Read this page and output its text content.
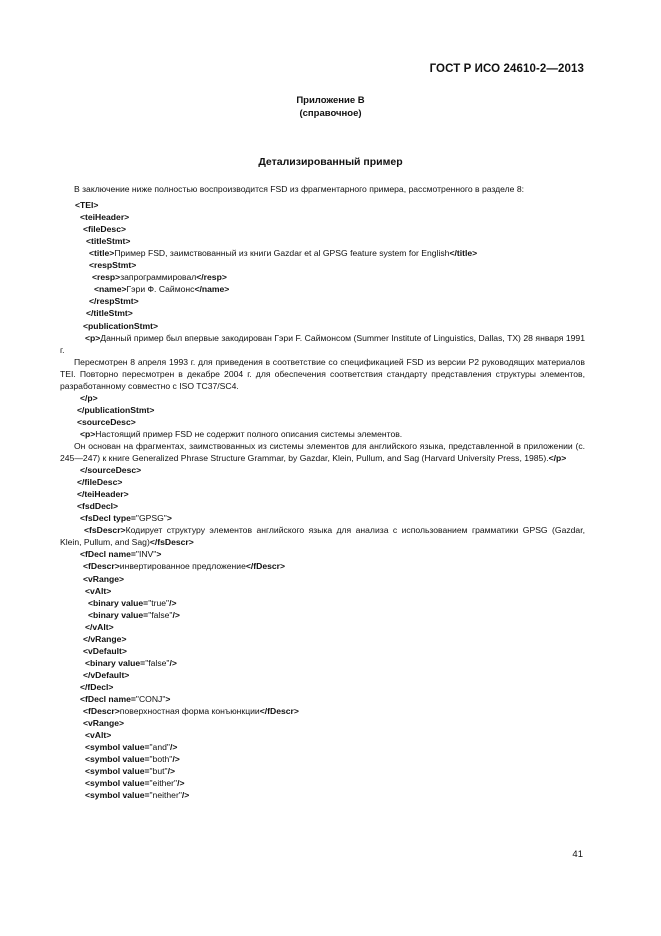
ГОСТ Р ИСО 24610-2—2013
Приложение В
(справочное)
Детализированный пример
В заключение ниже полностью воспроизводится FSD из фрагментарного примера, рассмотренного в разделе 8:
<TEI>
<teiHeader>
<fileDesc>
<titleStmt>
<title>Пример FSD, заимствованный из книги Gazdar et al GPSG feature system for English</title>
<respStmt>
<resp>запрограммировал</resp>
<name>Гэри Ф. Саймонс</name>
</respStmt>
</titleStmt>
<publicationStmt>
<p>Данный пример был впервые закодирован Гэри F. Саймонсом (Summer Institute of Linguistics, Dallas, TX) 28 января 1991 г.
Пересмотрен 8 апреля 1993 г. для приведения в соответствие со спецификацией FSD из версии P2 руководящих материалов TEI. Повторно пересмотрен в декабре 2004 г. для обеспечения соответствия стандарту представления структуры элементов, разработанному совместно с ISO TC37/SC4.
</p>
</publicationStmt>
<sourceDesc>
<p>Настоящий пример FSD не содержит полного описания системы элементов.
Он основан на фрагментах, заимствованных из системы элементов для английского языка, представленной в приложении (с. 245—247) к книге Generalized Phrase Structure Grammar, by Gazdar, Klein, Pullum, and Sag (Harvard University Press, 1985).</p>
</sourceDesc>
</fileDesc>
</teiHeader>
<fsdDecl>
<fsDecl type="GPSG">
<fsDescr>Кодирует структуру элементов английского языка для анализа с использованием грамматики GPSG (Gazdar, Klein, Pullum, and Sag)</fsDescr>
<fDecl name="INV">
<fDescr>инвертированное предложение</fDescr>
<vRange>
<vAlt>
<binary value="true"/>
<binary value="false"/>
</vAlt>
</vRange>
<vDefault>
<binary value="false"/>
</vDefault>
</fDecl>
<fDecl name="CONJ">
<fDescr>поверхностная форма конъюнкции</fDescr>
<vRange>
<vAlt>
<symbol value="and"/>
<symbol value="both"/>
<symbol value="but"/>
<symbol value="either"/>
<symbol value="neither"/>
41
